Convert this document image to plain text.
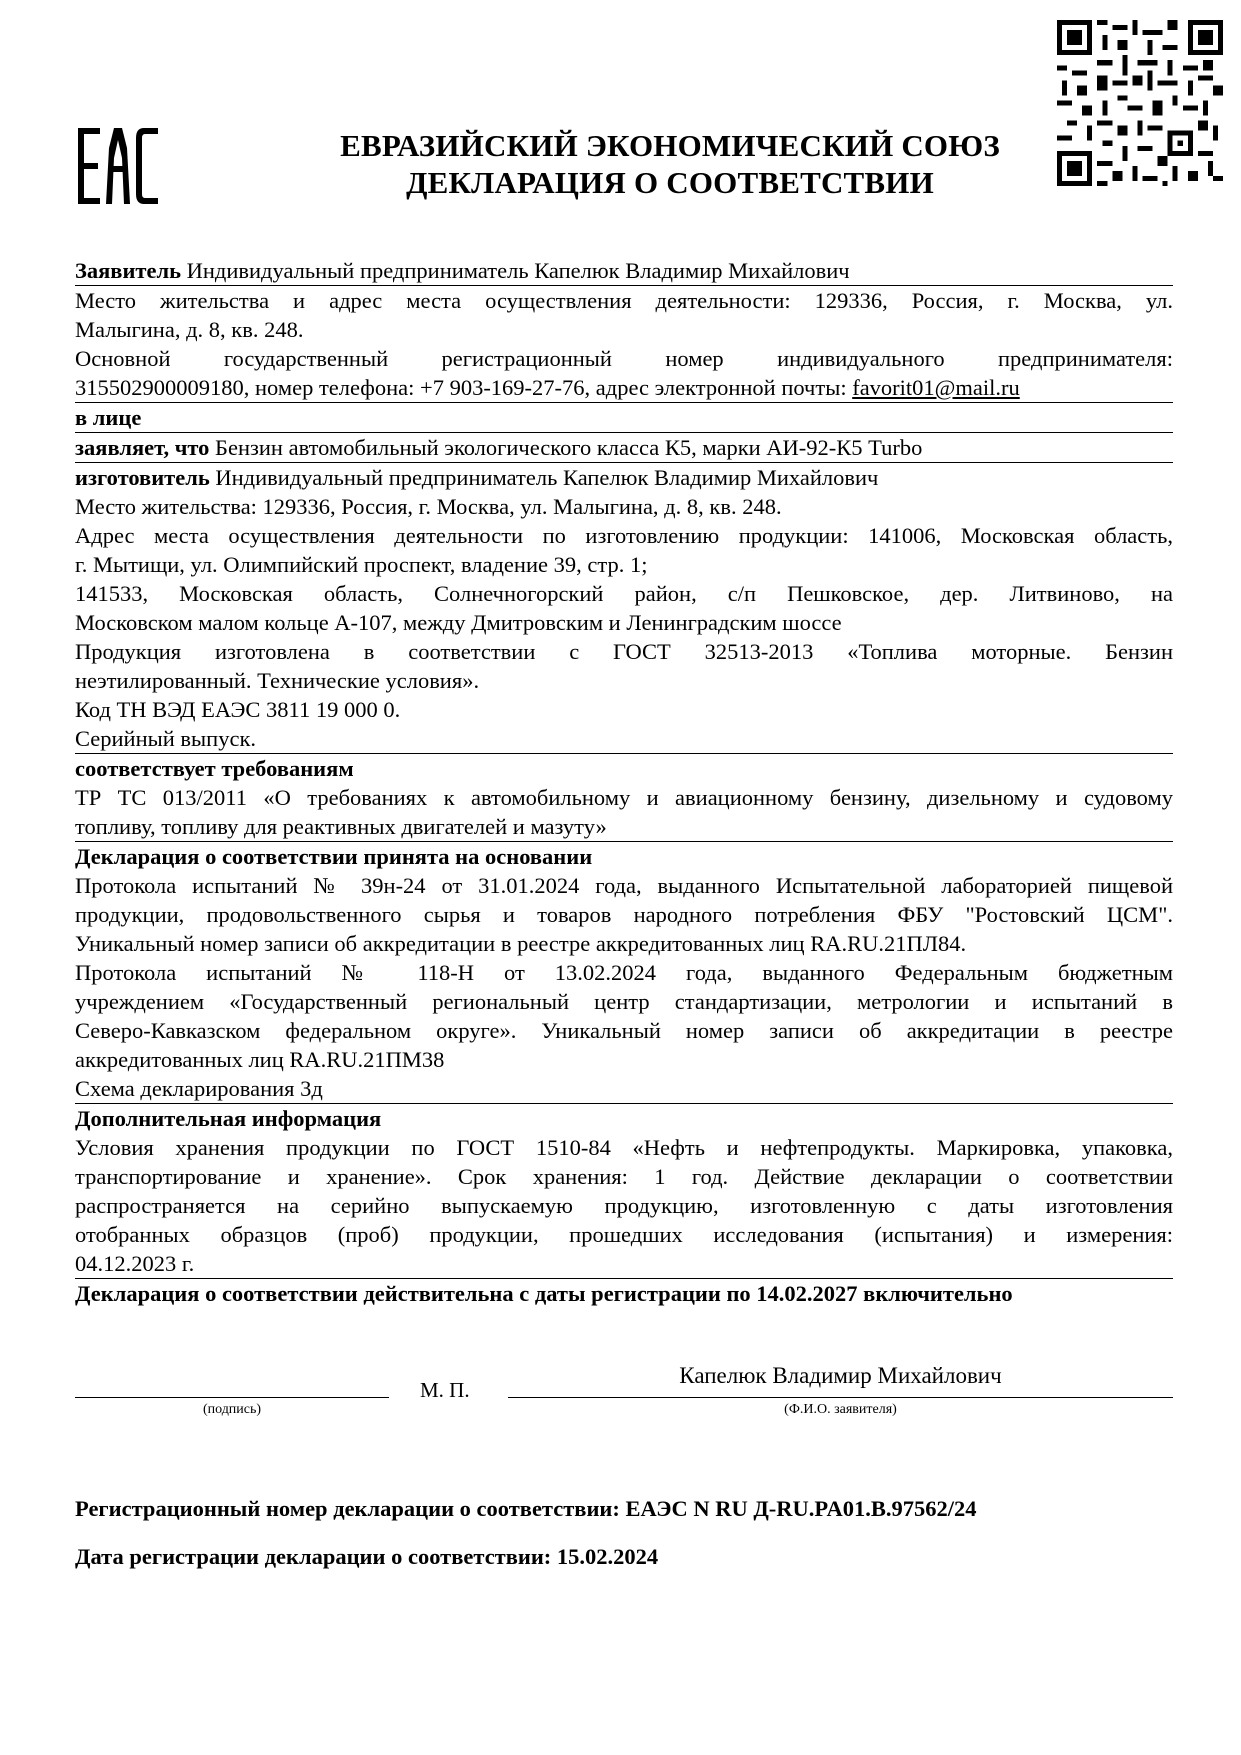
ЕВРАЗИЙСКИЙ ЭКОНОМИЧЕСКИЙ СОЮЗ
ДЕКЛАРАЦИЯ О СООТВЕТСТВИИ

Заявитель Индивидуальный предприниматель Капелюк Владимир Михайлович

Место жительства и адрес места осуществления деятельности: 129336, Россия, г. Москва, ул.

Малыгина, д. 8, кв. 248.

Основной государственный регистрационный номер индивидуального предпринимателя:

315502900009180, номер телефона: +7 903-169-27-76, адрес электронной почты: favorit01@mail.ru

в лице

заявляет, что Бензин автомобильный экологического класса К5, марки АИ-92-К5 Turbo

изготовитель Индивидуальный предприниматель Капелюк Владимир Михайлович

Место жительства: 129336, Россия, г. Москва, ул. Малыгина, д. 8, кв. 248.

Адрес места осуществления деятельности по изготовлению продукции: 141006, Московская область,

г. Мытищи, ул. Олимпийский проспект, владение 39, стр. 1;

141533, Московская область, Солнечногорский район, с/п Пешковское, дер. Литвиново, на

Московском малом кольце А-107, между Дмитровским и Ленинградским шоссе

Продукция изготовлена в соответствии с ГОСТ 32513-2013 «Топлива моторные. Бензин

неэтилированный. Технические условия».

Код ТН ВЭД ЕАЭС 3811 19 000 0.

Серийный выпуск.

соответствует требованиям

ТР ТС 013/2011 «О требованиях к автомобильному и авиационному бензину, дизельному и судовому

топливу, топливу для реактивных двигателей и мазуту»

Декларация о соответствии принята на основании

Протокола испытаний № 39н-24 от 31.01.2024 года, выданного Испытательной лабораторией пищевой

продукции, продовольственного сырья и товаров народного потребления ФБУ "Ростовский ЦСМ".

Уникальный номер записи об аккредитации в реестре аккредитованных лиц RA.RU.21ПЛ84.

Протокола испытаний № 118-Н от 13.02.2024 года, выданного Федеральным бюджетным

учреждением «Государственный региональный центр стандартизации, метрологии и испытаний в

Северо-Кавказском федеральном округе». Уникальный номер записи об аккредитации в реестре

аккредитованных лиц RA.RU.21ПМ38

Схема декларирования 3д

Дополнительная информация

Условия хранения продукции по ГОСТ 1510-84 «Нефть и нефтепродукты. Маркировка, упаковка,

транспортирование и хранение». Срок хранения: 1 год. Действие декларации о соответствии

распространяется на серийно выпускаемую продукцию, изготовленную с даты изготовления

отобранных образцов (проб) продукции, прошедших исследования (испытания) и измерения:

04.12.2023 г.

Декларация о соответствии действительна с даты регистрации по 14.02.2027 включительно

(подпись)
М. П.
Капелюк Владимир Михайлович
(Ф.И.О. заявителя)
Регистрационный номер декларации о соответствии: ЕАЭС N RU Д-RU.PA01.В.97562/24
Дата регистрации декларации о соответствии: 15.02.2024
